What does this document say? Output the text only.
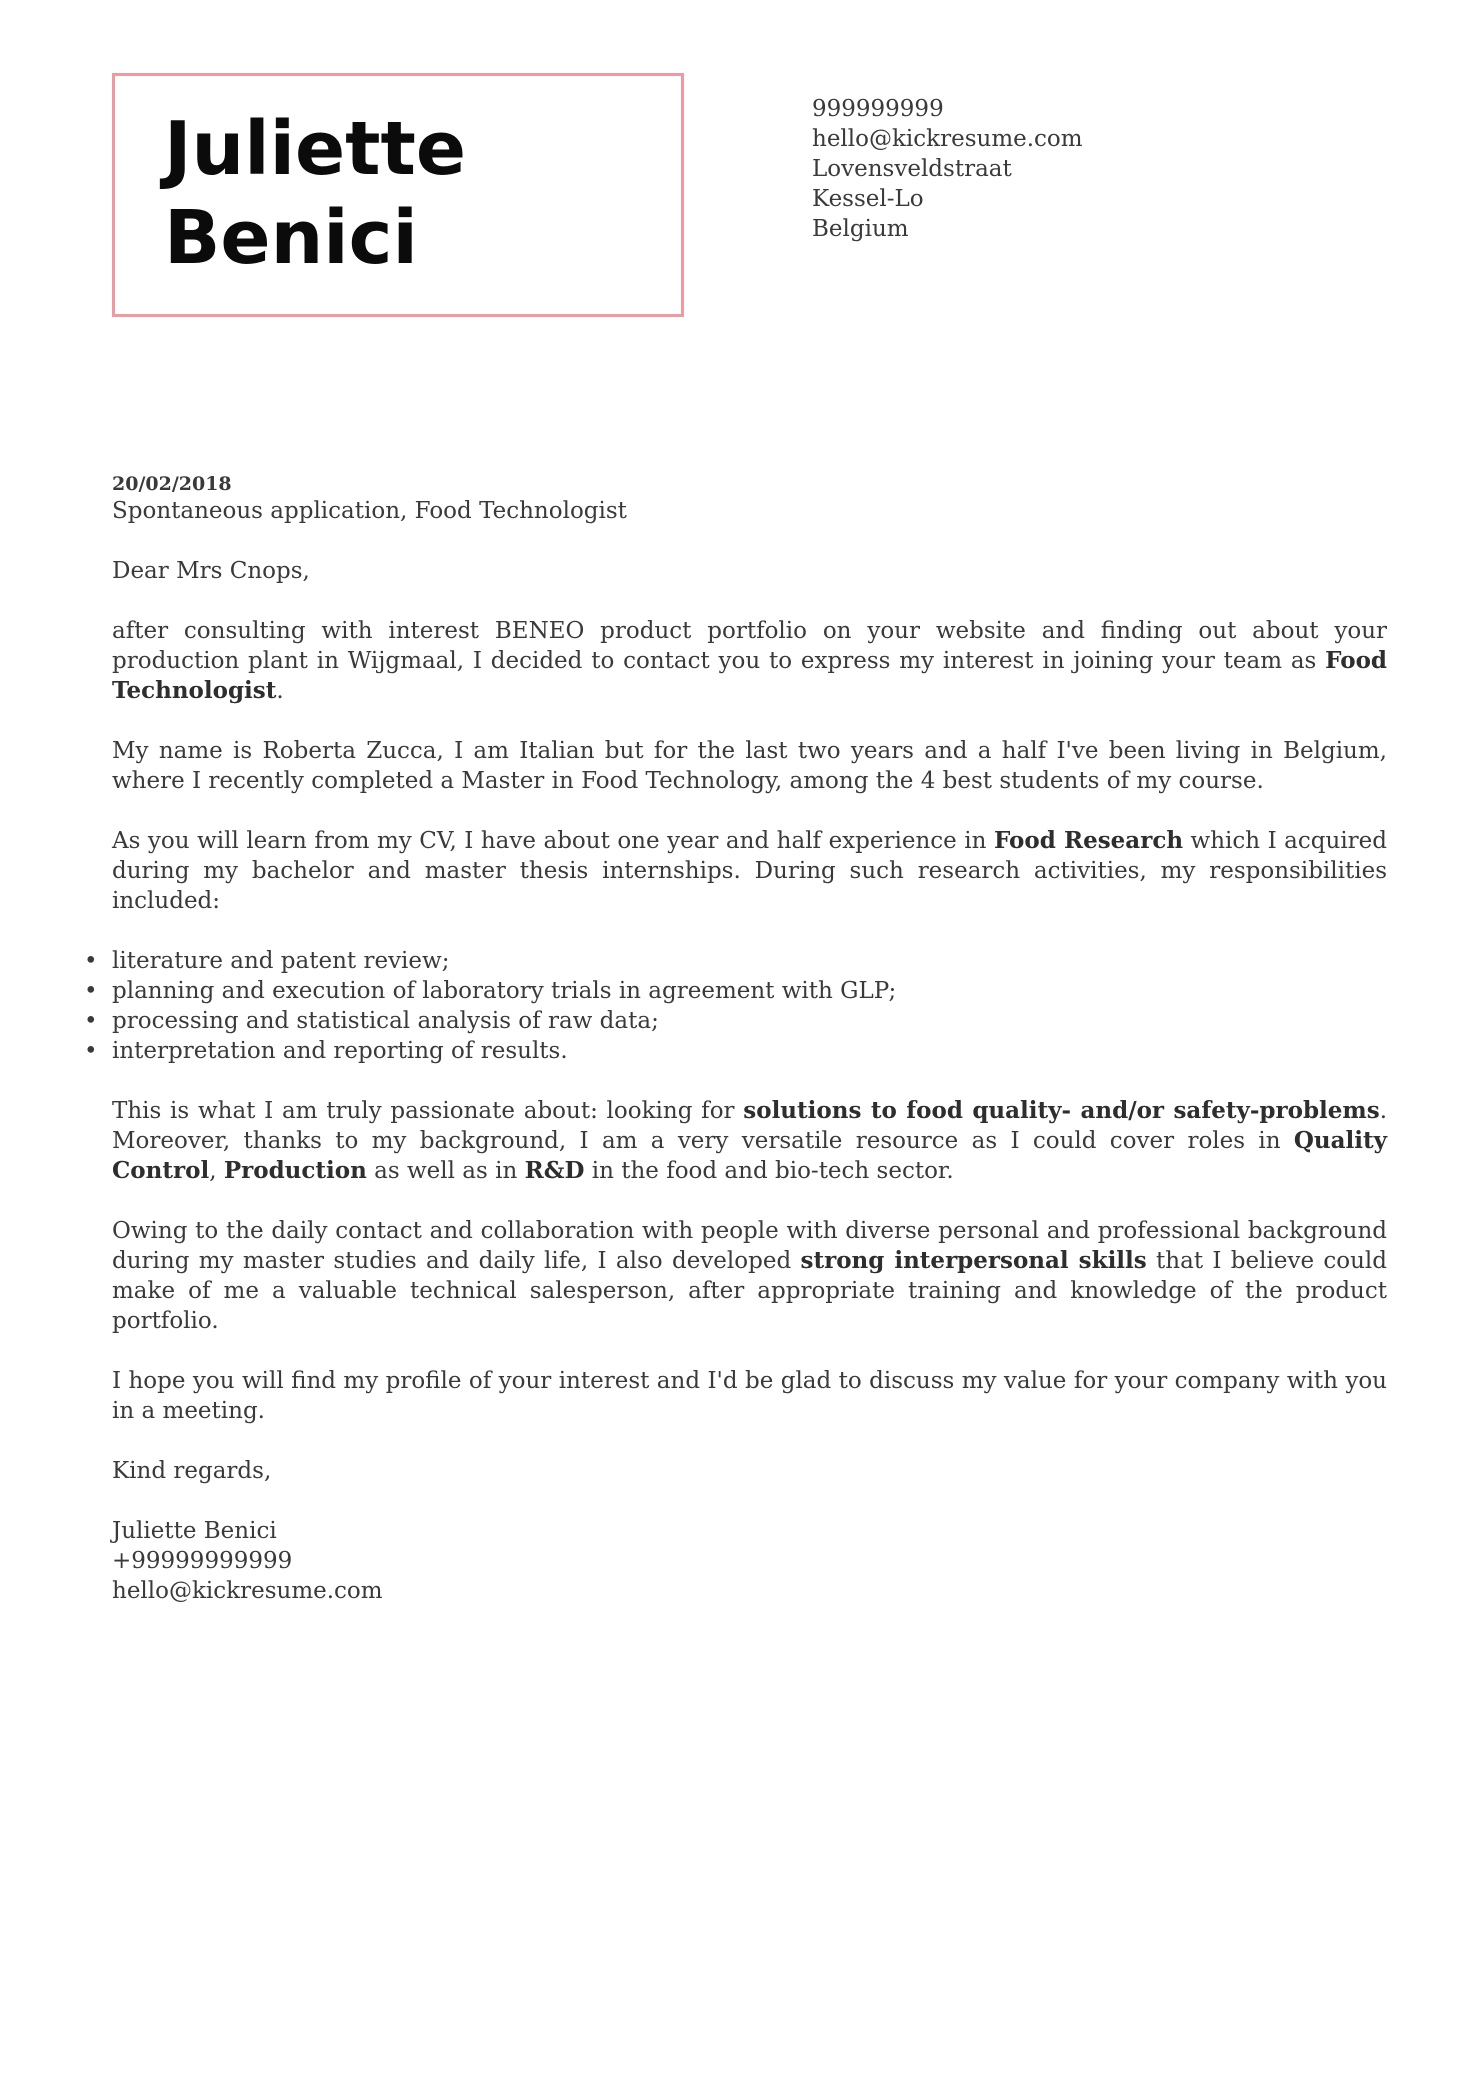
Juliette
Benici
999999999
hello@kickresume.com
Lovensveldstraat
Kessel-Lo
Belgium
20/02/2018
Spontaneous application, Food Technologist
Dear Mrs Cnops,
after consulting with interest BENEO product portfolio on your website and finding out about your production plant in Wijgmaal, I decided to contact you to express my interest in joining your team as Food Technologist.
My name is Roberta Zucca, I am Italian but for the last two years and a half I've been living in Belgium, where I recently completed a Master in Food Technology, among the 4 best students of my course.
As you will learn from my CV, I have about one year and half experience in Food Research which I acquired during my bachelor and master thesis internships. During such research activities, my responsibilities included:
• literature and patent review;
• planning and execution of laboratory trials in agreement with GLP;
• processing and statistical analysis of raw data;
• interpretation and reporting of results.
This is what I am truly passionate about: looking for solutions to food quality- and/or safety-problems. Moreover, thanks to my background, I am a very versatile resource as I could cover roles in Quality Control, Production as well as in R&D in the food and bio-tech sector.
Owing to the daily contact and collaboration with people with diverse personal and professional background during my master studies and daily life, I also developed strong interpersonal skills that I believe could make of me a valuable technical salesperson, after appropriate training and knowledge of the product portfolio.
I hope you will find my profile of your interest and I'd be glad to discuss my value for your company with you in a meeting.
Kind regards,
Juliette Benici
+99999999999
hello@kickresume.com
